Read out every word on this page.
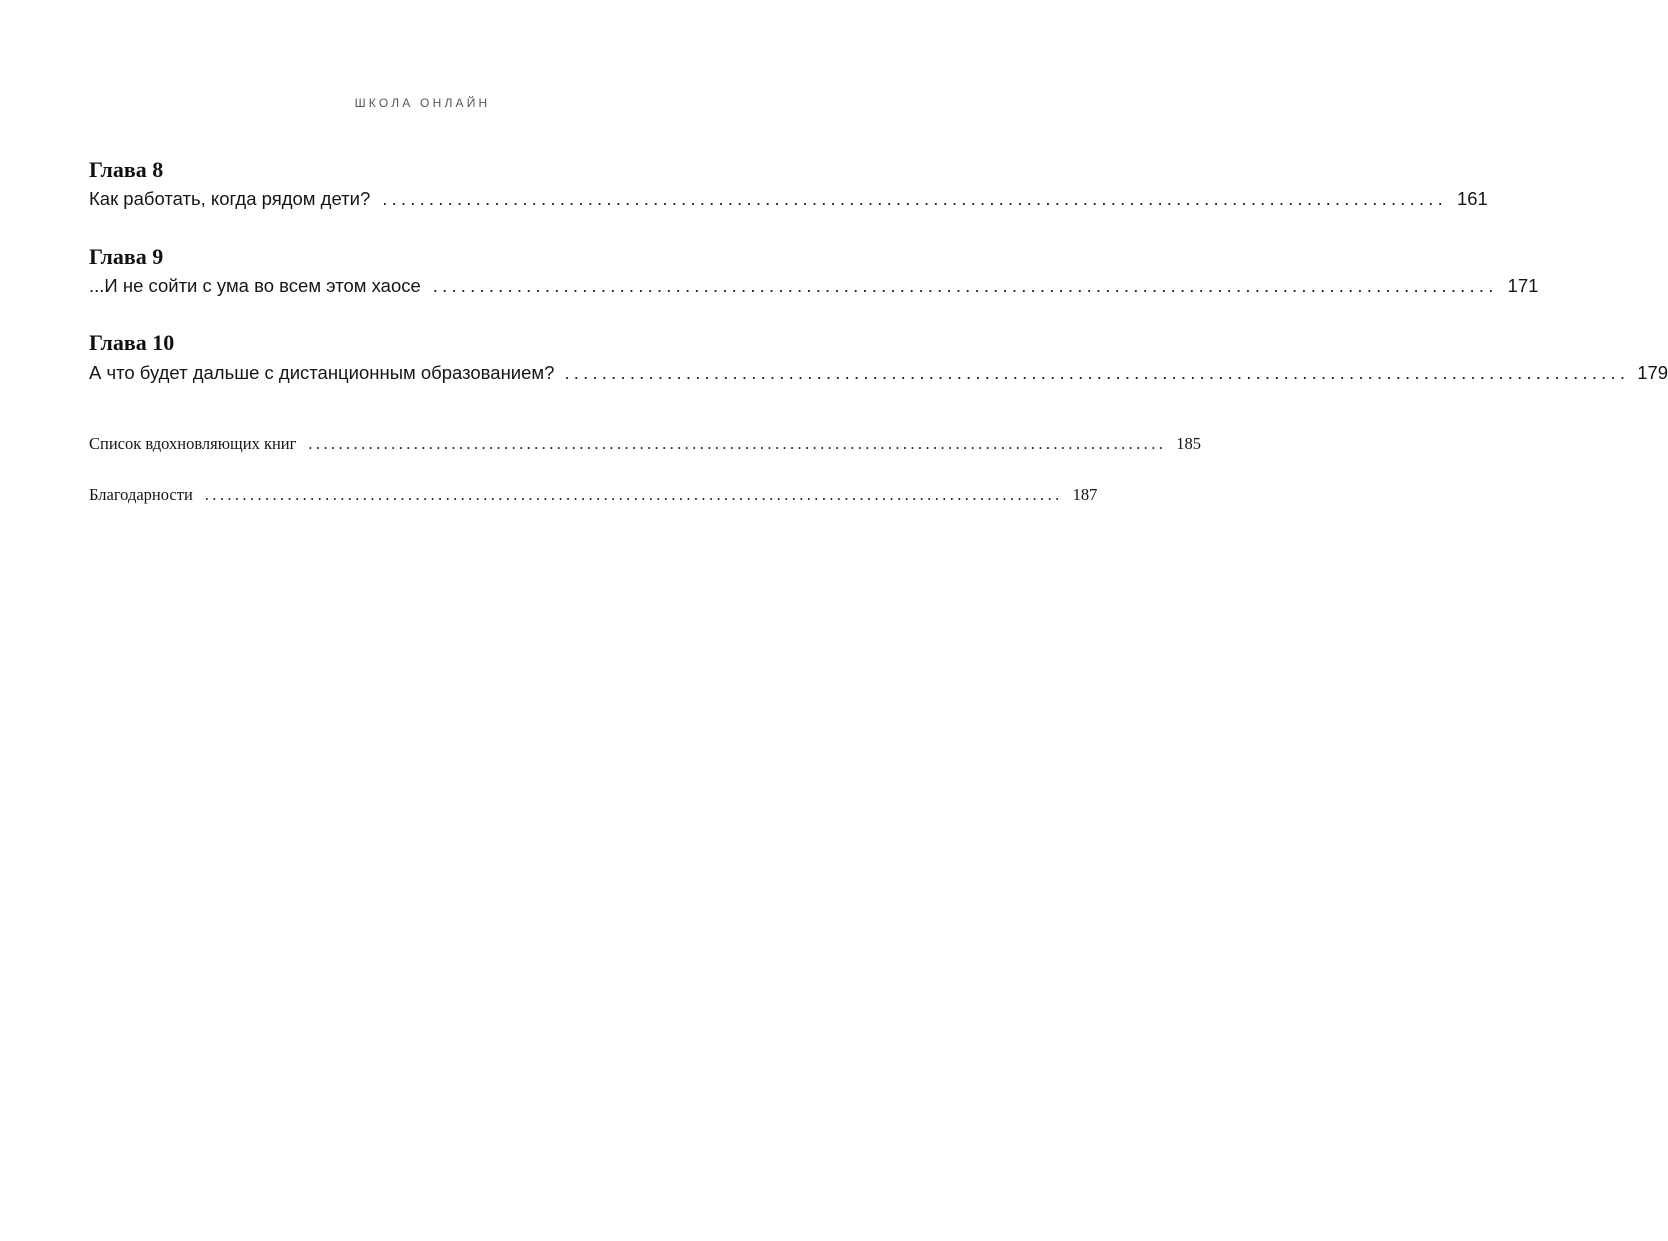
ШКОЛА ОНЛАЙН
Глава 8
Как работать, когда рядом дети? .................................................................................................................. 161
Глава 9
...И не сойти с ума во всем этом хаосе .................................................................................................................. 171
Глава 10
А что будет дальше с дистанционным образованием? .................................................................................................................. 179
Список вдохновляющих книг .................................................................................................................. 185
Благодарности .................................................................................................................. 187
